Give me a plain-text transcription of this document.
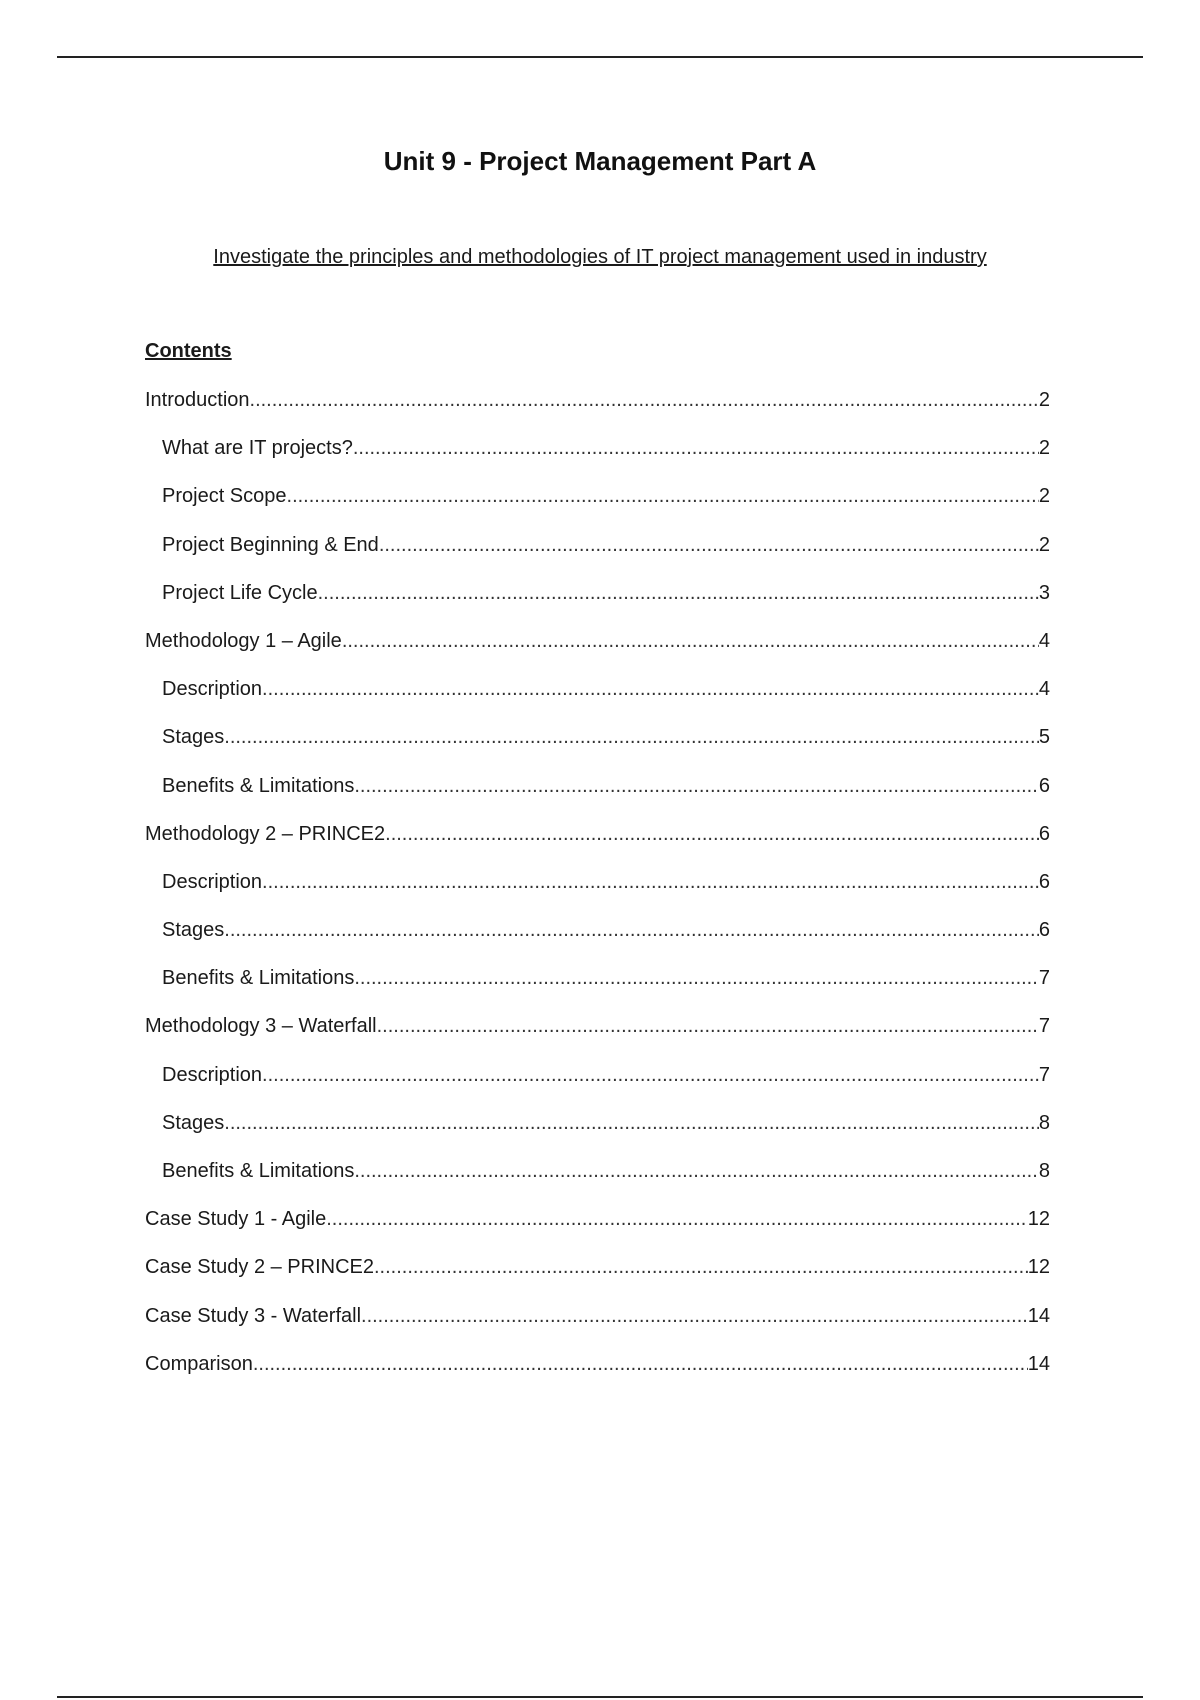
Unit 9 - Project Management Part A

Investigate the principles and methodologies of IT project management used in industry

Contents

Introduction .....	2
What are IT projects? .....	2
Project Scope .....	2
Project Beginning & End .....	2
Project Life Cycle .....	3
Methodology 1 – Agile .....	4
Description .....	4
Stages .....	5
Benefits & Limitations .....	6
Methodology 2 – PRINCE2 .....	6
Description .....	6
Stages .....	6
Benefits & Limitations .....	7
Methodology 3 – Waterfall .....	7
Description .....	7
Stages .....	8
Benefits & Limitations .....	8
Case Study 1 - Agile .....	12
Case Study 2 – PRINCE2 .....	12
Case Study 3 - Waterfall .....	14
Comparison .....	14
